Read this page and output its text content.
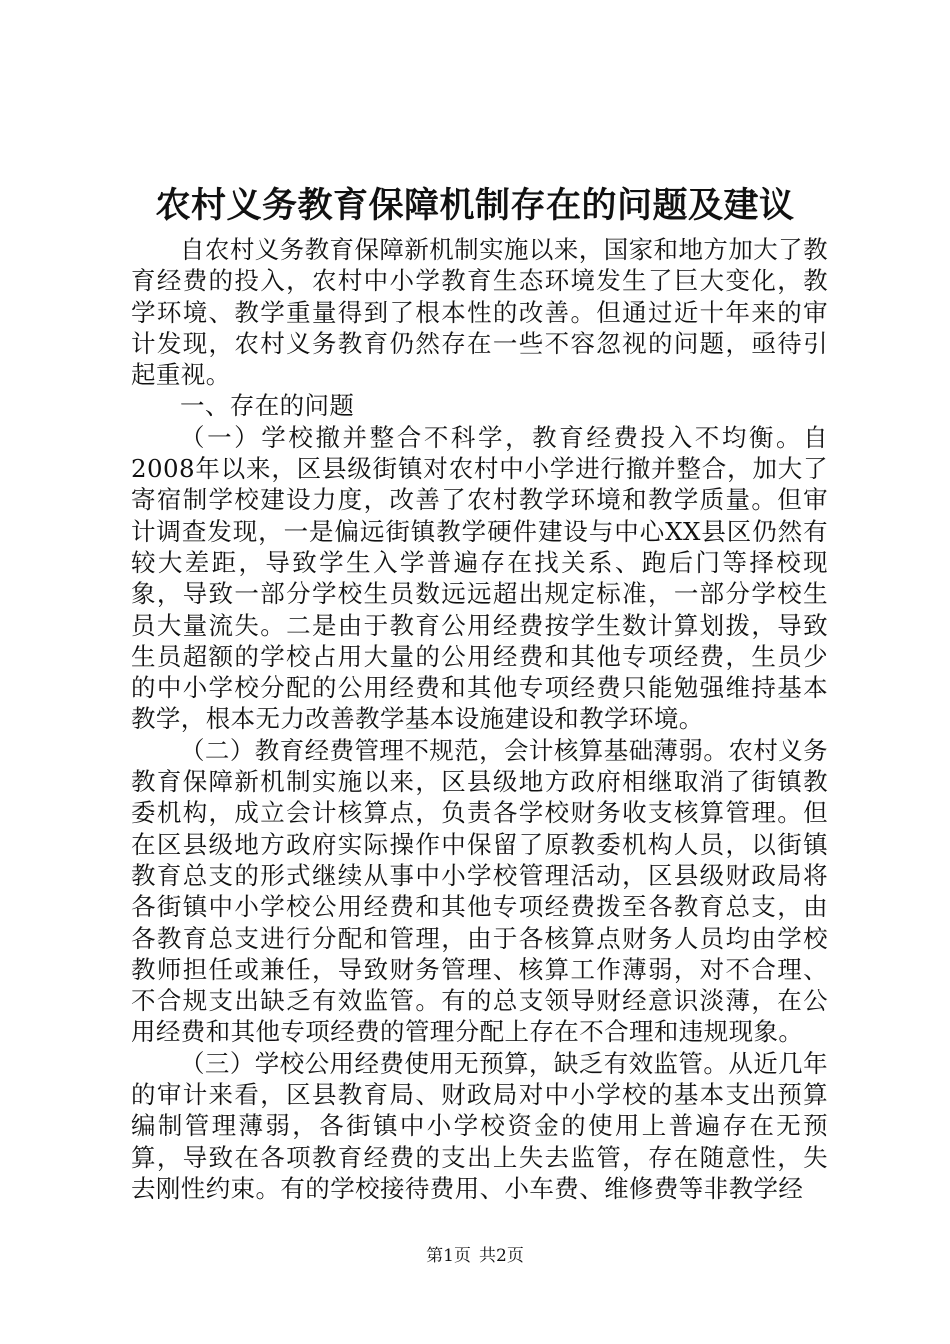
农村义务教育保障机制存在的问题及建议

自农村义务教育保障新机制实施以来，国家和地方加大了教育经费的投入，农村中小学教育生态环境发生了巨大变化，教学环境、教学重量得到了根本性的改善。但通过近十年来的审计发现，农村义务教育仍然存在一些不容忽视的问题，亟待引起重视。

一、存在的问题

（一）学校撤并整合不科学，教育经费投入不均衡。自2008年以来，区县级街镇对农村中小学进行撤并整合，加大了寄宿制学校建设力度，改善了农村教学环境和教学质量。但审计调查发现，一是偏远街镇教学硬件建设与中心XX县区仍然有较大差距，导致学生入学普遍存在找关系、跑后门等择校现象，导致一部分学校生员数远远超出规定标准，一部分学校生员大量流失。二是由于教育公用经费按学生数计算划拨，导致生员超额的学校占用大量的公用经费和其他专项经费，生员少的中小学校分配的公用经费和其他专项经费只能勉强维持基本教学，根本无力改善教学基本设施建设和教学环境。

（二）教育经费管理不规范，会计核算基础薄弱。农村义务教育保障新机制实施以来，区县级地方政府相继取消了街镇教委机构，成立会计核算点，负责各学校财务收支核算管理。但在区县级地方政府实际操作中保留了原教委机构人员，以街镇教育总支的形式继续从事中小学校管理活动，区县级财政局将各街镇中小学校公用经费和其他专项经费拨至各教育总支，由各教育总支进行分配和管理，由于各核算点财务人员均由学校教师担任或兼任，导致财务管理、核算工作薄弱，对不合理、不合规支出缺乏有效监管。有的总支领导财经意识淡薄，在公用经费和其他专项经费的管理分配上存在不合理和违规现象。

（三）学校公用经费使用无预算，缺乏有效监管。从近几年的审计来看，区县教育局、财政局对中小学校的基本支出预算编制管理薄弱，各街镇中小学校资金的使用上普遍存在无预算，导致在各项教育经费的支出上失去监管，存在随意性，失去刚性约束。有的学校接待费用、小车费、维修费等非教学经

第1页 共2页
